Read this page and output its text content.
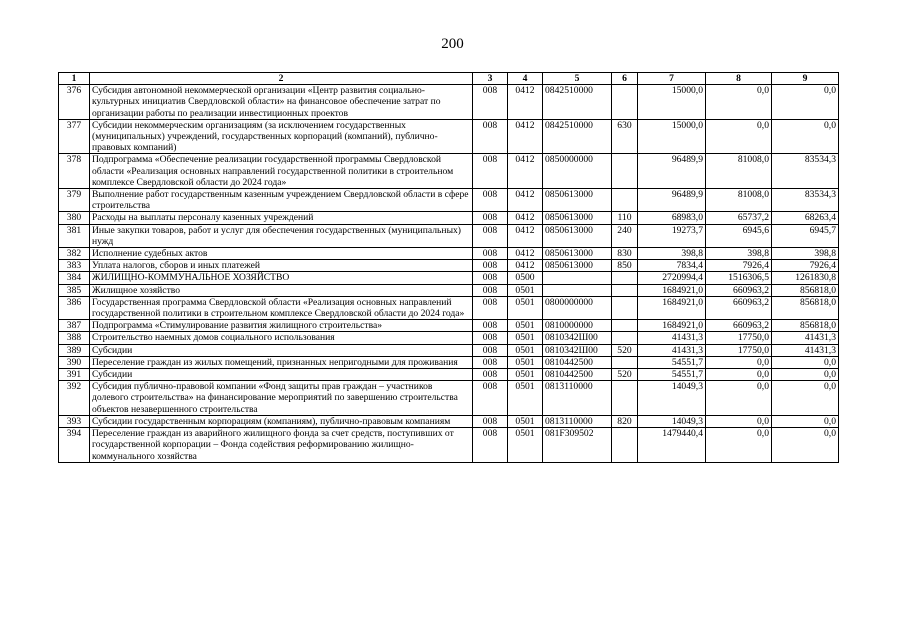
200
1	2	3	4	5	6	7	8	9
376	Субсидия автономной некоммерческой организации «Центр развития социально-культурных инициатив Свердловской области» на финансовое обеспечение затрат по организации работы по реализации инвестиционных проектов	008	0412	0842510000		15000,0	0,0	0,0
377	Субсидии некоммерческим организациям (за исключением государственных (муниципальных) учреждений, государственных корпораций (компаний), публично-правовых компаний)	008	0412	0842510000	630	15000,0	0,0	0,0
378	Подпрограмма «Обеспечение реализации государственной программы Свердловской области «Реализация основных направлений государственной политики в строительном комплексе Свердловской области до 2024 года»	008	0412	0850000000		96489,9	81008,0	83534,3
379	Выполнение работ государственным казенным учреждением Свердловской области в сфере строительства	008	0412	0850613000		96489,9	81008,0	83534,3
380	Расходы на выплаты персоналу казенных учреждений	008	0412	0850613000	110	68983,0	65737,2	68263,4
381	Иные закупки товаров, работ и услуг для обеспечения государственных (муниципальных) нужд	008	0412	0850613000	240	19273,7	6945,6	6945,7
382	Исполнение судебных актов	008	0412	0850613000	830	398,8	398,8	398,8
383	Уплата налогов, сборов и иных платежей	008	0412	0850613000	850	7834,4	7926,4	7926,4
384	ЖИЛИЩНО-КОММУНАЛЬНОЕ ХОЗЯЙСТВО	008	0500			2720994,4	1516306,5	1261830,8
385	Жилищное хозяйство	008	0501			1684921,0	660963,2	856818,0
386	Государственная программа Свердловской области «Реализация основных направлений государственной политики в строительном комплексе Свердловской области до 2024 года»	008	0501	0800000000		1684921,0	660963,2	856818,0
387	Подпрограмма «Стимулирование развития жилищного строительства»	008	0501	0810000000		1684921,0	660963,2	856818,0
388	Строительство наемных домов социального использования	008	0501	0810342Ш00		41431,3	17750,0	41431,3
389	Субсидии	008	0501	0810342Ш00	520	41431,3	17750,0	41431,3
390	Переселение граждан из жилых помещений, признанных непригодными для проживания	008	0501	0810442500		54551,7	0,0	0,0
391	Субсидии	008	0501	0810442500	520	54551,7	0,0	0,0
392	Субсидия публично-правовой компании «Фонд защиты прав граждан – участников долевого строительства» на финансирование мероприятий по завершению строительства объектов незавершенного строительства	008	0501	0813110000		14049,3	0,0	0,0
393	Субсидии государственным корпорациям (компаниям), публично-правовым компаниям	008	0501	0813110000	820	14049,3	0,0	0,0
394	Переселение граждан из аварийного жилищного фонда за счет средств, поступивших от государственной корпорации – Фонда содействия реформированию жилищно-коммунального хозяйства	008	0501	081F309502		1479440,4	0,0	0,0
